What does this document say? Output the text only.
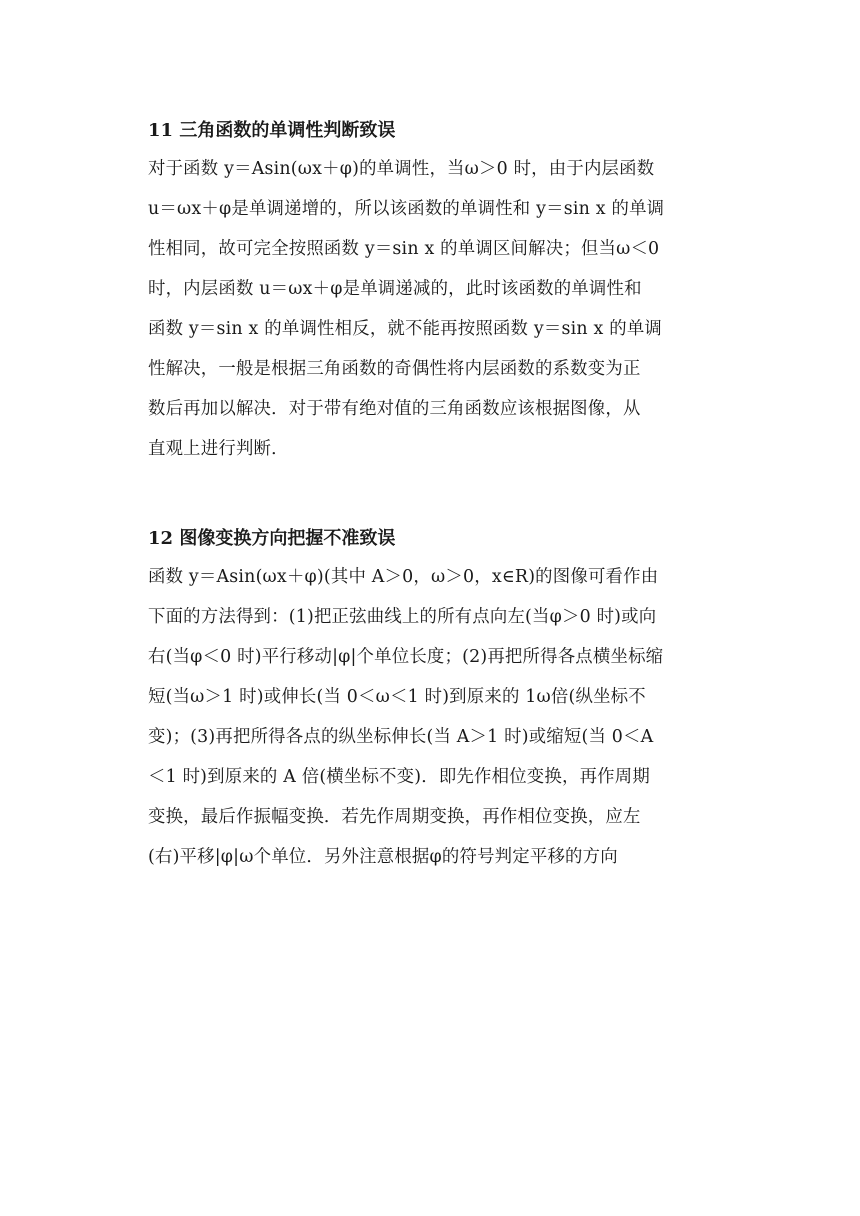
11 三角函数的单调性判断致误
对于函数 y＝Asin(ωx＋φ)的单调性，当ω＞0 时，由于内层函数
u＝ωx＋φ是单调递增的，所以该函数的单调性和 y＝sin x 的单调
性相同，故可完全按照函数 y＝sin x 的单调区间解决；但当ω＜0
时，内层函数 u＝ωx＋φ是单调递减的，此时该函数的单调性和
函数 y＝sin x 的单调性相反，就不能再按照函数 y＝sin x 的单调
性解决，一般是根据三角函数的奇偶性将内层函数的系数变为正
数后再加以解决．对于带有绝对值的三角函数应该根据图像，从
直观上进行判断．
12 图像变换方向把握不准致误
函数 y＝Asin(ωx＋φ)(其中 A＞0，ω＞0，x∈R)的图像可看作由
下面的方法得到：(1)把正弦曲线上的所有点向左(当φ＞0 时)或向
右(当φ＜0 时)平行移动|φ|个单位长度；(2)再把所得各点横坐标缩
短(当ω＞1 时)或伸长(当 0＜ω＜1 时)到原来的 1ω倍(纵坐标不
变)；(3)再把所得各点的纵坐标伸长(当 A＞1 时)或缩短(当 0＜A
＜1 时)到原来的 A 倍(横坐标不变)．即先作相位变换，再作周期
变换，最后作振幅变换．若先作周期变换，再作相位变换，应左
(右)平移|φ|ω个单位．另外注意根据φ的符号判定平移的方向
